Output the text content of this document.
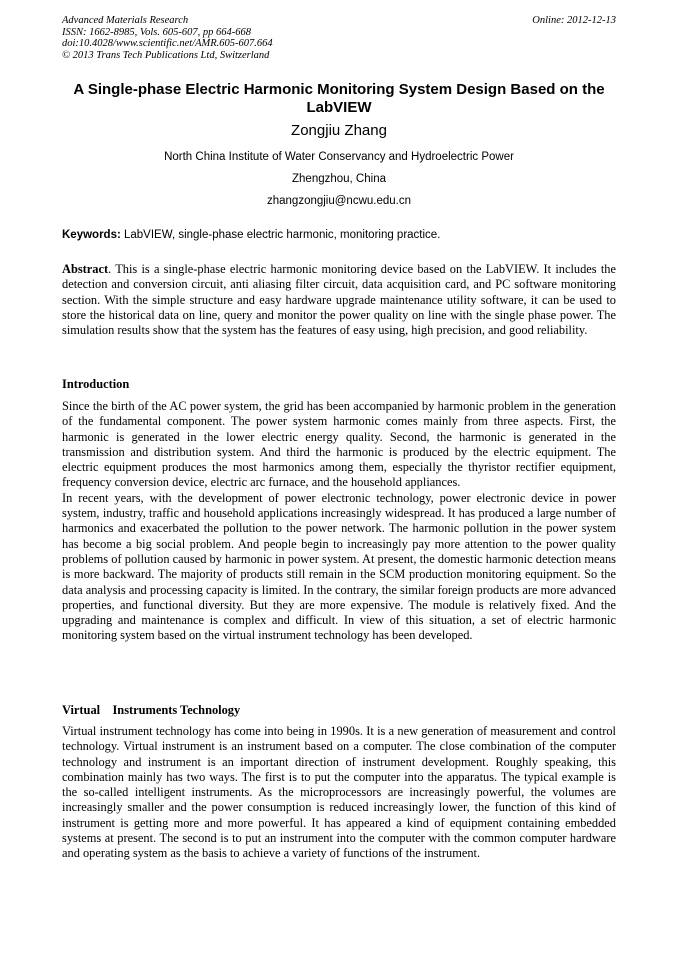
Advanced Materials Research
ISSN: 1662-8985, Vols. 605-607, pp 664-668
doi:10.4028/www.scientific.net/AMR.605-607.664
© 2013 Trans Tech Publications Ltd, Switzerland
Online: 2012-12-13
A Single-phase Electric Harmonic Monitoring System Design Based on the LabVIEW
Zongjiu Zhang
North China Institute of Water Conservancy and Hydroelectric Power
Zhengzhou, China
zhangzongjiu@ncwu.edu.cn
Keywords: LabVIEW, single-phase electric harmonic, monitoring practice.

Abstract. This is a single-phase electric harmonic monitoring device based on the LabVIEW. It includes the detection and conversion circuit, anti aliasing filter circuit, data acquisition card, and PC software monitoring section. With the simple structure and easy hardware upgrade maintenance utility software, it can be used to store the historical data on line, query and monitor the power quality on line with the single phase power. The simulation results show that the system has the features of easy using, high precision, and good reliability.

Introduction

Since the birth of the AC power system, the grid has been accompanied by harmonic problem in the generation of the fundamental component. The power system harmonic comes mainly from three aspects. First, the harmonic is generated in the lower electric energy quality. Second, the harmonic is generated in the transmission and distribution system. And third the harmonic is produced by the electric equipment. The electric equipment produces the most harmonics among them, especially the thyristor rectifier equipment, frequency conversion device, electric arc furnace, and the household appliances.

In recent years, with the development of power electronic technology, power electronic device in power system, industry, traffic and household applications increasingly widespread. It has produced a large number of harmonics and exacerbated the pollution to the power network. The harmonic pollution in the power system has become a big social problem. And people begin to increasingly pay more attention to the power quality problems of pollution caused by harmonic in power system. At present, the domestic harmonic detection means is more backward. The majority of products still remain in the SCM production monitoring equipment. So the data analysis and processing capacity is limited. In the contrary, the similar foreign products are more advanced properties, and functional diversity. But they are more expensive. The module is relatively fixed. And the upgrading and maintenance is complex and difficult. In view of this situation, a set of electric harmonic monitoring system based on the virtual instrument technology has been developed.

Virtual    Instruments Technology

Virtual instrument technology has come into being in 1990s. It is a new generation of measurement and control technology. Virtual instrument is an instrument based on a computer. The close combination of the computer technology and instrument is an important direction of instrument development. Roughly speaking, this combination mainly has two ways. The first is to put the computer into the apparatus. The typical example is the so-called intelligent instruments. As the microprocessors are increasingly powerful, the volumes are increasingly smaller and the power consumption is reduced increasingly lower, the function of this kind of instrument is getting more and more powerful. It has appeared a kind of equipment containing embedded systems at present. The second is to put an instrument into the computer with the common computer hardware and operating system as the basis to achieve a variety of functions of the instrument.
